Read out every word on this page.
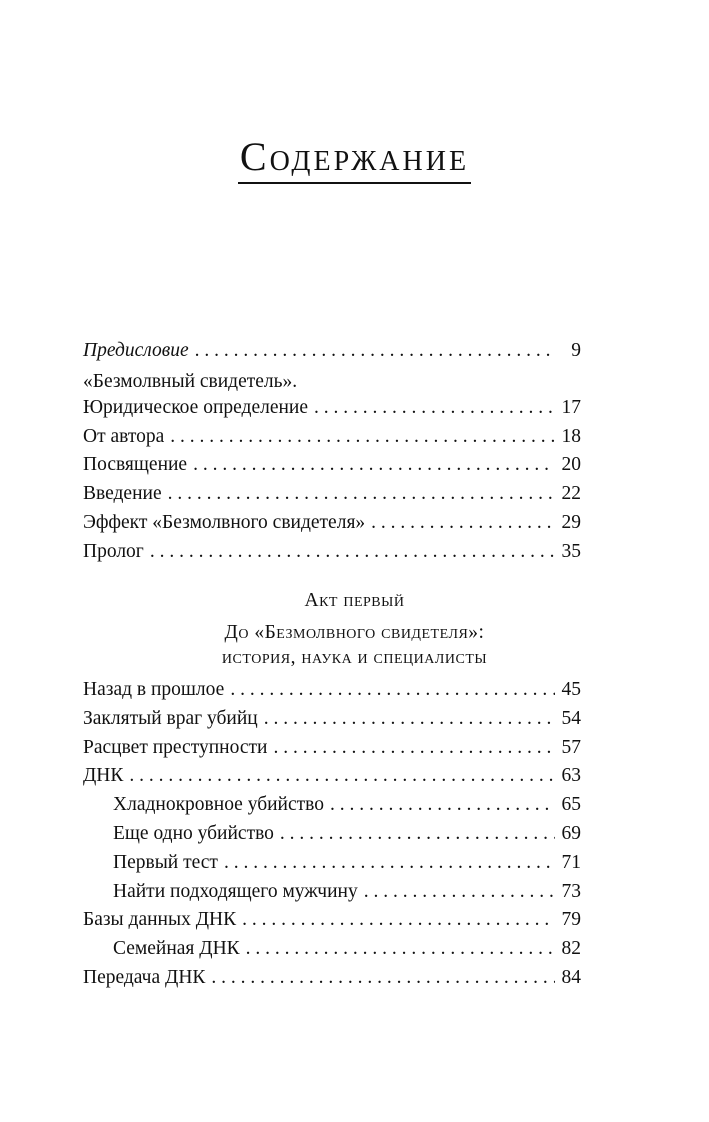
Содержание
Предисловие . . .	9
«Безмолвный свидетель».
Юридическое определение . . .	17
От автора . . .	18
Посвящение . . .	20
Введение . . .	22
Эффект «Безмолвного свидетеля» . . .	29
Пролог . . .	35
Акт первый
До «Безмолвного свидетеля»:
история, наука и специалисты
Назад в прошлое . . .	45
Заклятый враг убийц . . .	54
Расцвет преступности . . .	57
ДНК . . .	63
Хладнокровное убийство . . .	65
Еще одно убийство . . .	69
Первый тест . . .	71
Найти подходящего мужчину . . .	73
Базы данных ДНК . . .	79
Семейная ДНК . . .	82
Передача ДНК . . .	84
